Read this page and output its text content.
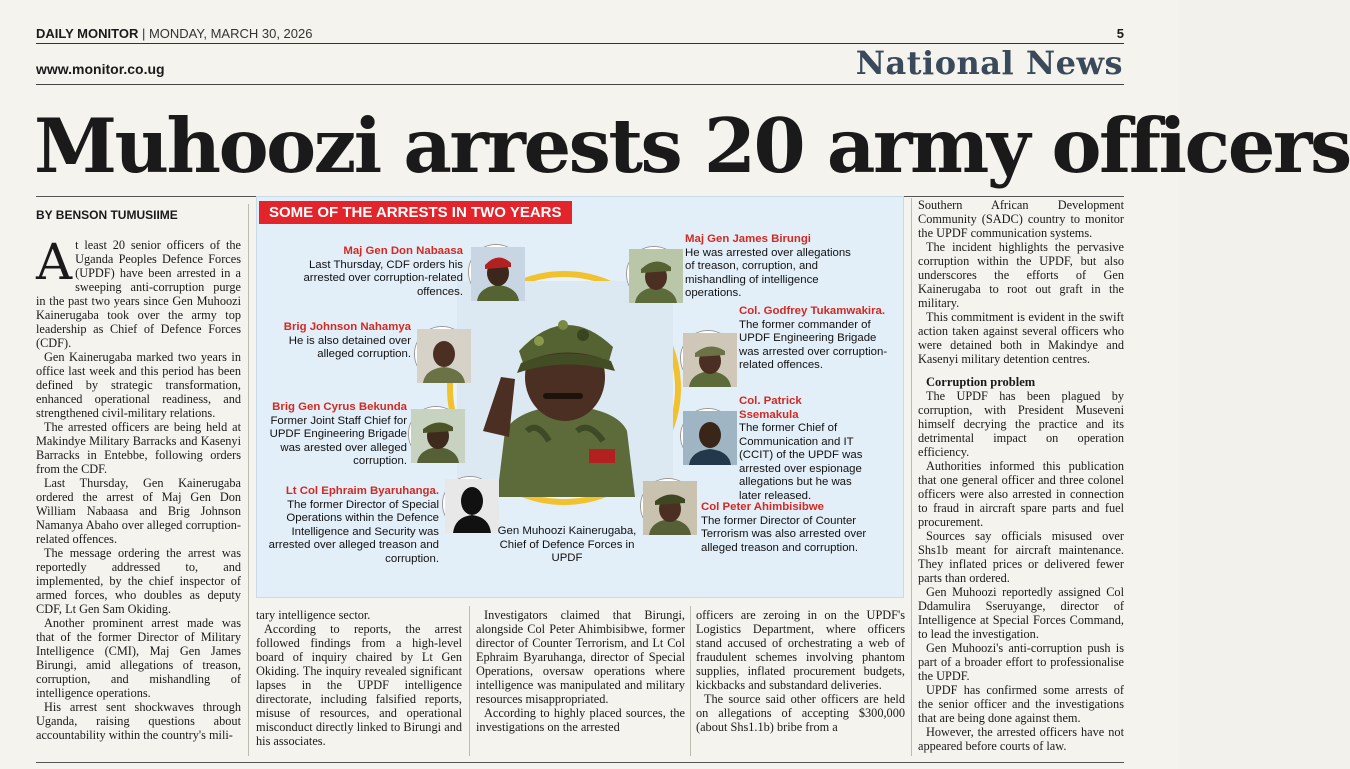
DAILY MONITOR | MONDAY, MARCH 30, 2026	5
www.monitor.co.ug	National News
Muhoozi arrests 20 army officers
BY BENSON TUMUSIIME

At least 20 senior officers of the Uganda Peoples Defence Forces (UPDF) have been arrested in a sweeping anti-corruption purge in the past two years since Gen Muhoozi Kainerugaba took over the army top leadership as Chief of Defence Forces (CDF).

Gen Kainerugaba marked two years in office last week and this period has been defined by strategic transformation, enhanced operational readiness, and strengthened civil-military relations.

The arrested officers are being held at Makindye Military Barracks and Kasenyi Barracks in Entebbe, following orders from the CDF.

Last Thursday, Gen Kainerugaba ordered the arrest of Maj Gen Don William Nabaasa and Brig Johnson Namanya Abaho over alleged corruption-related offences.

The message ordering the arrest was reportedly addressed to, and implemented, by the chief inspector of armed forces, who doubles as deputy CDF, Lt Gen Sam Okiding.

Another prominent arrest made was that of the former Director of Military Intelligence (CMI), Maj Gen James Birungi, amid allegations of treason, corruption, and mishandling of intelligence operations.

His arrest sent shockwaves through Uganda, raising questions about accountability within the country's mili-

SOME OF THE ARRESTS IN TWO YEARS
Maj Gen Don Nabaasa
Last Thursday, CDF orders his arrested over corruption-related offences.
Brig Johnson Nahamya
He is also detained over alleged corruption.
Brig Gen Cyrus Bekunda
Former Joint Staff Chief for UPDF Engineering Brigade was arested over alleged corruption.
Lt Col Ephraim Byaruhanga.
The former Director of Special Operations within the Defence Intelligence and Security was arrested over alleged treason and corruption.
Maj Gen James Birungi
He was arrested over allegations of treason, corruption, and mishandling of intelligence operations.
Col. Godfrey Tukamwakira.
The former commander of UPDF Engineering Brigade was arrested over corruption-related offences.
Col. Patrick Ssemakula
The former Chief of Communication and IT (CCIT) of the UPDF was arrested over espionage allegations but he was later released.
Col Peter Ahimbisibwe
The former Director of Counter Terrorism was also arrested over alleged treason and corruption.
Gen Muhoozi Kainerugaba, Chief of Defence Forces in UPDF

tary intelligence sector.

According to reports, the arrest followed findings from a high-level board of inquiry chaired by Lt Gen Okiding. The inquiry revealed significant lapses in the UPDF intelligence directorate, including falsified reports, misuse of resources, and operational misconduct directly linked to Birungi and his associates.

Investigators claimed that Birungi, alongside Col Peter Ahimbisibwe, former director of Counter Terrorism, and Lt Col Ephraim Byaruhanga, director of Special Operations, oversaw operations where intelligence was manipulated and military resources misappropriated.

According to highly placed sources, the investigations on the arrested

officers are zeroing in on the UPDF's Logistics Department, where officers stand accused of orchestrating a web of fraudulent schemes involving phantom supplies, inflated procurement budgets, kickbacks and substandard deliveries.

The source said other officers are held on allegations of accepting $300,000 (about Shs1.1b) bribe from a

Southern African Development Community (SADC) country to monitor the UPDF communication systems.

The incident highlights the pervasive corruption within the UPDF, but also underscores the efforts of Gen Kainerugaba to root out graft in the military.

This commitment is evident in the swift action taken against several officers who were detained both in Makindye and Kasenyi military detention centres.

Corruption problem

The UPDF has been plagued by corruption, with President Museveni himself decrying the practice and its detrimental impact on operation efficiency.

Authorities informed this publication that one general officer and three colonel officers were also arrested in connection to fraud in aircraft spare parts and fuel procurement.

Sources say officials misused over Shs1b meant for aircraft maintenance. They inflated prices or delivered fewer parts than ordered.

Gen Muhoozi reportedly assigned Col Ddamulira Sseruyange, director of Intelligence at Special Forces Command, to lead the investigation.

Gen Muhoozi's anti-corruption push is part of a broader effort to professionalise the UPDF.

UPDF has confirmed some arrests of the senior officer and the investigations that are being done against them.

However, the arrested officers have not appeared before courts of law.
